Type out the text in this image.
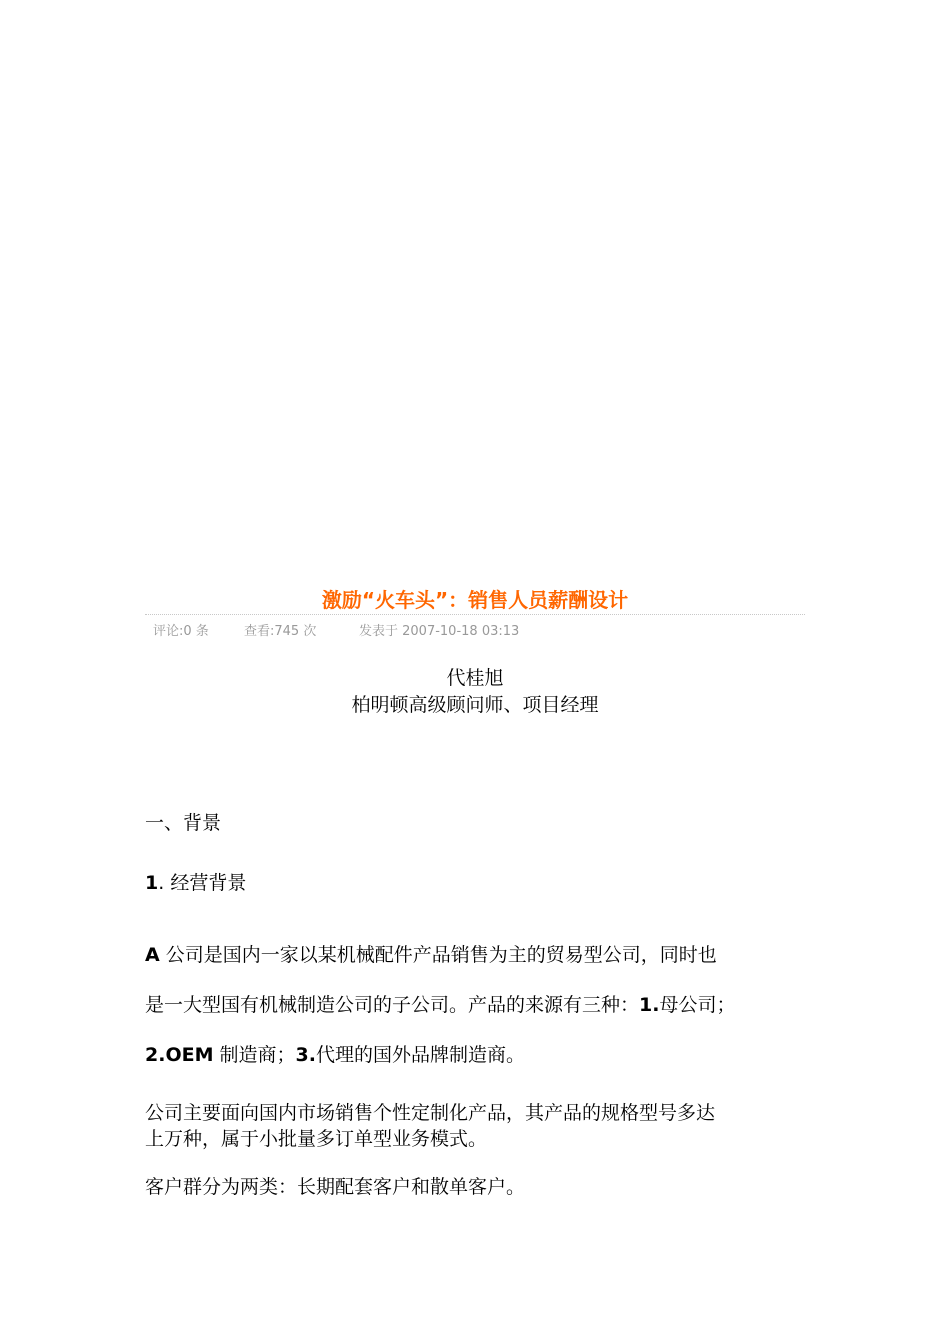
激励“火车头”：销售人员薪酬设计
评论:0 条	查看:745 次	发表于 2007-10-18 03:13
代桂旭
柏明顿高级顾问师、项目经理
一、背景
1. 经营背景
A 公司是国内一家以某机械配件产品销售为主的贸易型公司，同时也
是一大型国有机械制造公司的子公司。产品的来源有三种：1.母公司；
2.OEM 制造商；3.代理的国外品牌制造商。
公司主要面向国内市场销售个性定制化产品，其产品的规格型号多达
上万种，属于小批量多订单型业务模式。
客户群分为两类：长期配套客户和散单客户。
